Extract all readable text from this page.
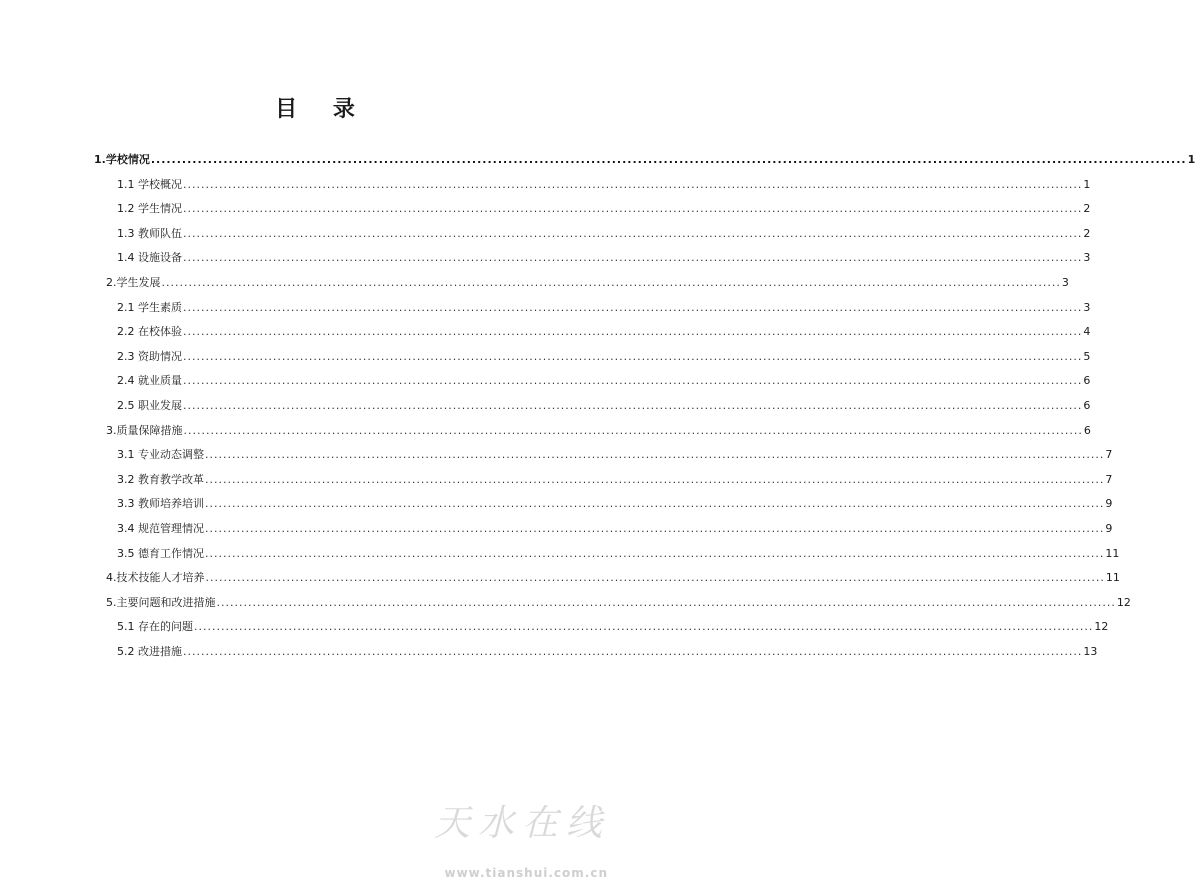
目 录
1.学校情况 ........................................................................................................................................................................................................ 1
1.1 学校概况 ........................................................................................................................................................................................................ 1
1.2 学生情况 ........................................................................................................................................................................................................ 2
1.3 教师队伍 ........................................................................................................................................................................................................ 2
1.4 设施设备 ........................................................................................................................................................................................................ 3
2.学生发展 ........................................................................................................................................................................................................ 3
2.1 学生素质 ........................................................................................................................................................................................................ 3
2.2 在校体验 ........................................................................................................................................................................................................ 4
2.3 资助情况 ........................................................................................................................................................................................................ 5
2.4 就业质量 ........................................................................................................................................................................................................ 6
2.5 职业发展 ........................................................................................................................................................................................................ 6
3.质量保障措施 ........................................................................................................................................................................................................ 6
3.1 专业动态调整 ........................................................................................................................................................................................................ 7
3.2 教育教学改革 ........................................................................................................................................................................................................ 7
3.3 教师培养培训 ........................................................................................................................................................................................................ 9
3.4 规范管理情况 ........................................................................................................................................................................................................ 9
3.5 德育工作情况 ........................................................................................................................................................................................................ 11
4.技术技能人才培养 ........................................................................................................................................................................................................ 11
5.主要问题和改进措施 ........................................................................................................................................................................................................ 12
5.1 存在的问题 ........................................................................................................................................................................................................ 12
5.2 改进措施 ........................................................................................................................................................................................................ 13
天水在线
www.tianshui.com.cn
